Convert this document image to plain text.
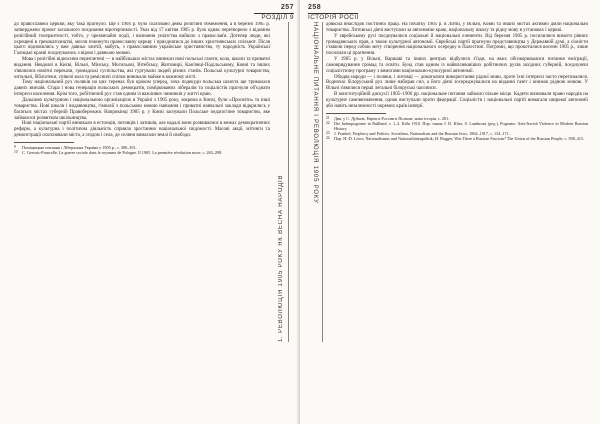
257
РОЗДІЛ 9
1. РЕВОЛЮЦІЯ 1905 РОКУ ЯК ВЕСНА НАРОДІВ

до православної церкви, яку така прагнуло. Ще з 1904 р. було скасовано деякі релігійні обмеження, а в березні 1905 р. затверджено проект загального поєднання віротерпимості. Указ від 17 квітня 1905 р. було однак перетворено з відомим релігійний толерантності, тобто, у чрезвичайні події, і визнання уніатства вийшло з православ'я. Дотепер люди, які охрещені в грекокатолицтві, могли покинути православну церкву і приєднатися до інших християнських спільнот. Після цього відновились у вже давньо злитій, мабуть, з православним українське християнство, ту народність Українські Галицькі краєві поєднувались з вірою і давньою мовою.

Мова і релігійні відносини переплетені — в найбільших містах виникли нові польські газети, кола, школи та приватні видання. Невдовзі в Києві, Вільні, Мінську, Могильові, Вітебську, Житомирі, Кам'янці-Подільському, Ковні та інших з'являлися новітні перекази, громадські суспільства, які гуртували людей різних станів. Польські культурні товариства, читальні, бібліотеки, співочі кола та ремісничі спілки виникали майже в кожному місті.

Тому національний рух поляків на цих теренах був кроком уперед, хоча подекуди польська шляхта ще трималася давніх звичаїв. Стара і нова генерація польських демократів, поміркованих лібералів та соціалістів прагнули об'єднати інтереси населення. Крім того, робітничий рух став одним із важливих чинників у житті краю.

Дальшою культурною і національною організацією в Україні з 1905 року, зокрема в Києві, були «Просвіти» та інші товариства. Нові школи і видавництва, гімназії з польською мовою навчання і приватні навчальні заклади відкрились у багатьох містах губерній Правобережжя. Наприкінці 1905 р. у Києві заснували Польське педагогічне товариство, яке займалося розвитком шкільництва.

Нові національні партії виникали в естонців, литовців і латишів, але надалі вони розвивалися в межах демократичних реформ, а культурна і політична діяльність сприяла зростанню національної свідомості. Масові акції, мітинги та демонстрації охоплювали міста, а згодом і села, де селяни вимагали землі й свободи.

9 Поміщицьке питання і Ліберальна Україна у 1905 р., с. 380–391.
10 C. Gervais-Francelle, La guerre sociale dans le royaume de Pologne. Il 1905. La première révolution russe, с. 265–298.
258
ІСТОРІЯ РОСІЇ
НАЦІОНАЛЬНЕ ПИТАННЯ І РЕВОЛЮЦІЯ 1905 РОКУ	довкола внаслідок постійної праці. На початку 1905 р. в Литві, у Вільні, Ковні та інших містах активно діяли національні товариства. Литовські діячі виступали за автономію краю, національну школу та рідну мову в установах і церкві.

У єврейському русі поєднувалися соціальні й національні елементи. Від березня 1905 р. посилилися вимоги рівних громадянських прав, а також культурної автономії. Єврейські партії прагнули представництва у Державній думі, а сіоністи ставили перед собою мету створення національного осередку в Палестині. Погроми, що прокотилися восени 1905 р., лише посилили ці прагнення.

У 1905 р. у Вільні, Варшаві та інших центрах відбулися з'їзди, на яких обговорювалися питання еміграції, самоврядування громад та освіти. Бунд став одним із найвпливовіших робітничих рухів західних губерній, поєднуючи соціалістичну програму з вимогами національно-культурної автономії.

Обидва народи — і поляки, і литовці — домагалися використання рідної мови, проте їхні інтереси часто перетиналися. Водночас білоруський рух лише набирав сил, а його діячі зосереджувалися на виданні газет і книжок рідною мовою. У Вільні з'явилися перші легальні білоруські часописи.

В конституційній дискусії 1905–1906 рр. національне питання займало чільне місце. Кадети визнавали право народів на культурне самовизначення, однак виступали проти федерації. Соціалісти і національні партії вимагали широкої автономії або навіть незалежності окремих країв імперії.

21 Див. у С. Дубнов, Евреи в России и Польше, нова історія, с. 201.
22 Die Judenpogrome in Rußland, т. 1–2. Köln 1910. Пор. також J. D. Klier, S. Lambroza (ред.), Pogroms: Anti-Jewish Violence in Modern Russian History.
23 J. Frankel, Prophecy and Politics. Socialism, Nationalism and the Russian Jews, 1862–1917, с. 134–171.
24 Пор. H.-D. Löwe, Nationalismus und Nationalitätenpolitik; H. Rogger, Was There a Russian Fascism? The Union of the Russian People, с. 398–415.
